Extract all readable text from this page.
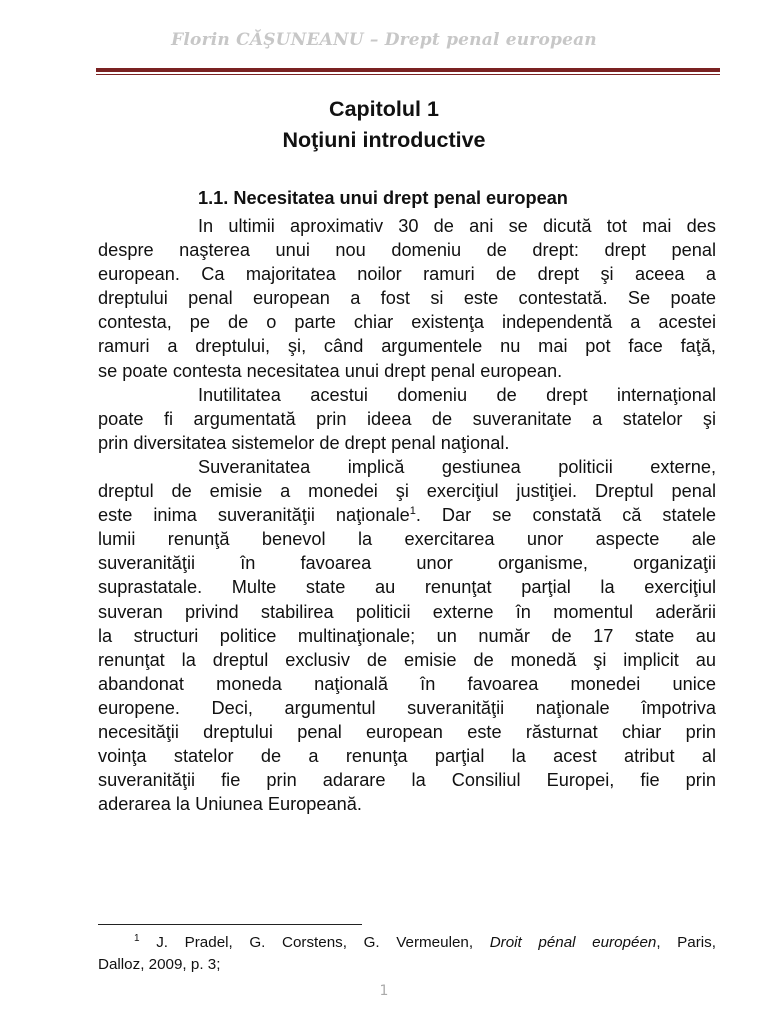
Florin CĂŞUNEANU – Drept penal european
Capitolul 1
Noţiuni introductive
1.1. Necesitatea unui drept penal european
In ultimii aproximativ 30 de ani se dicută tot mai des
despre naşterea unui nou domeniu de drept: drept penal
european. Ca majoritatea noilor ramuri de drept şi aceea a
dreptului penal european a fost si este contestată. Se poate
contesta, pe de o parte chiar existenţa independentă a acestei
ramuri a dreptului, şi, când argumentele nu mai pot face faţă,
se poate contesta necesitatea unui drept penal european.
Inutilitatea acestui domeniu de drept internaţional
poate fi argumentată prin ideea de suveranitate a statelor şi
prin diversitatea sistemelor de drept penal naţional.
Suveranitatea implică gestiunea politicii externe,
dreptul de emisie a monedei şi exerciţiul justiţiei. Dreptul penal
este inima suveranităţii naţionale$^1$. Dar se constată că statele
lumii renunţă benevol la exercitarea unor aspecte ale
suveranităţii în favoarea unor organisme, organizaţii
suprastatale. Multe state au renunţat parţial la exerciţiul
suveran privind stabilirea politicii externe în momentul aderării
la structuri politice multinaţionale; un număr de 17 state au
renunţat la dreptul exclusiv de emisie de monedă şi implicit au
abandonat moneda naţională în favoarea monedei unice
europene. Deci, argumentul suveranităţii naţionale împotriva
necesităţii dreptului penal european este răsturnat chiar prin
voinţa statelor de a renunţa parţial la acest atribut al
suveranităţii fie prin adarare la Consiliul Europei, fie prin
aderarea la Uniunea Europeană.
$^1$ J. Pradel, G. Corstens, G. Vermeulen, Droit pénal européen, Paris,
Dalloz, 2009, p. 3;
1
